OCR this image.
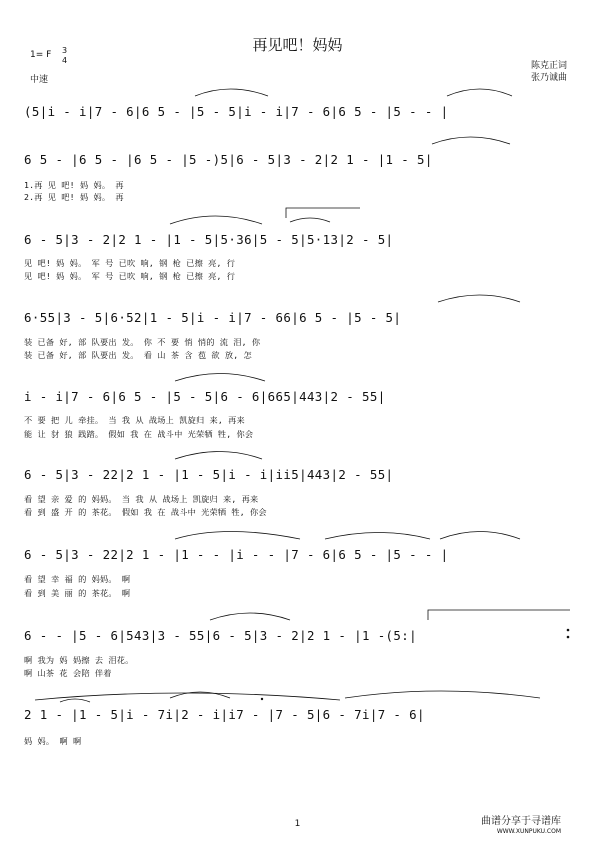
再见吧！妈妈
1= F 3
4
中速
陈克正词
张乃诚曲
(5|i - i|7 - 6|6 5 - |5 - 5|i - i|7 - 6|6 5 - |5 - - |
6 5 - |6 5 - |6 5 - |5 -)5|6 - 5|3 - 2|2 1 - |1 - 5|
1.再 见 吧! 妈 妈。 再
2.再 见 吧! 妈 妈。 再
6 - 5|3 - 2|2 1 - |1 - 5|5·36|5 - 5|5·13|2 - 5|
见 吧! 妈 妈。 军 号 已吹 响, 钢 枪 已擦 亮, 行
见 吧! 妈 妈。 军 号 已吹 响, 钢 枪 已擦 亮, 行
6·55|3 - 5|6·52|1 - 5|i - i|7 - 66|6 5 - |5 - 5|
装 已备 好, 部 队要出 发。 你 不 要 悄 悄的 流 泪, 你
装 已备 好, 部 队要出 发。 看 山 茶 含 苞 欲 放, 怎
i - i|7 - 6|6 5 - |5 - 5|6 - 6|665|443|2 - 55|
不 要 把 儿 牵挂。 当 我 从 战场上 凯旋归 来, 再来
能 让 豺 狼 践踏。 假如 我 在 战斗中 光荣牺 牲, 你会
6 - 5|3 - 22|2 1 - |1 - 5|i - i|ii5|443|2 - 55|
看 望 亲 爱 的 妈妈。 当 我 从 战场上 凯旋归 来, 再来
看 到 盛 开 的 茶花。 假如 我 在 战斗中 光荣牺 牲, 你会
6 - 5|3 - 22|2 1 - |1 - - |i - - |7 - 6|6 5 - |5 - - |
看 望 幸 福 的 妈妈。 啊
看 到 美 丽 的 茶花。 啊
6 - - |5 - 6|543|3 - 55|6 - 5|3 - 2|2 1 - |1 -(5:|
啊 我为 妈 妈擦 去 泪花。
啊 山茶 花 会陪 伴着
2 1 - |1 - 5|i - 7i|2 - i|i7 - |7 - 5|6 - 7i|7 - 6|
妈 妈。 啊 啊
1	曲谱分享于寻谱库
WWW.XUNPUKU.COM
